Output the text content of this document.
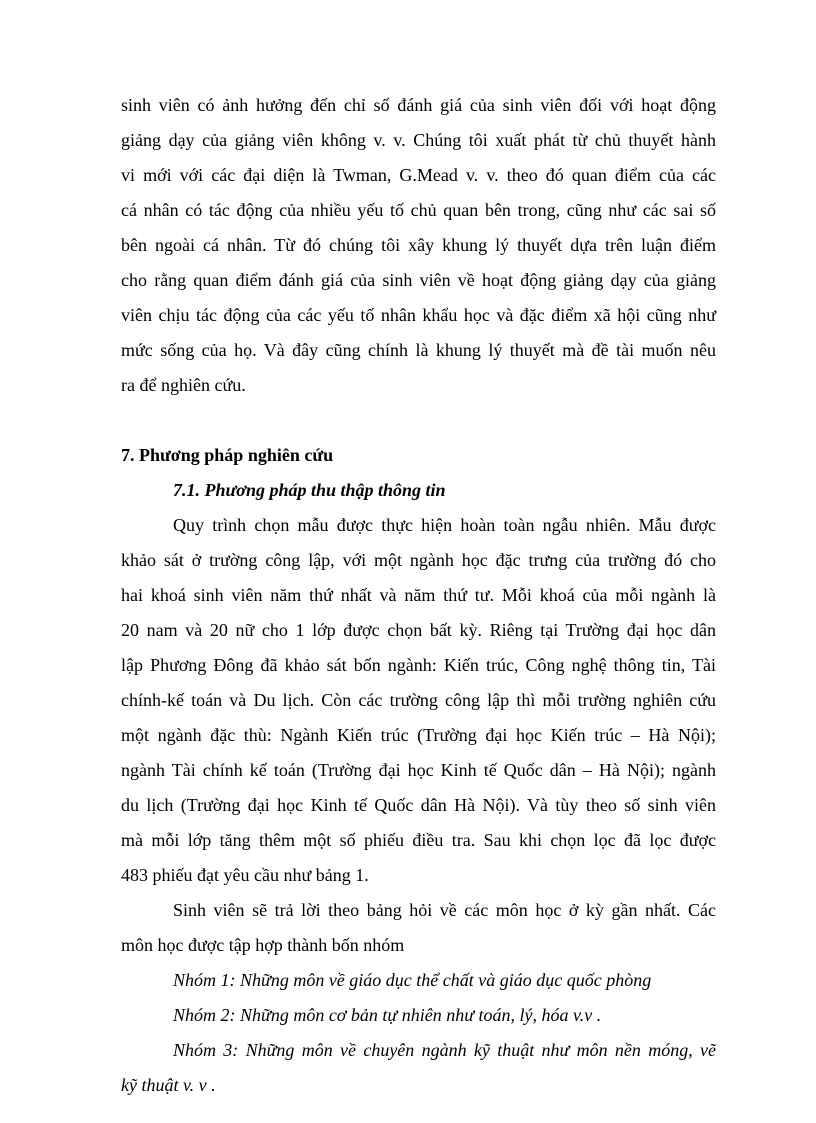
sinh viên có ảnh hưởng đến chỉ số đánh giá của sinh viên đối với hoạt động
giảng dạy của giảng viên không v. v. Chúng tôi xuất phát từ chủ thuyết hành
vi mới với các đại diện là Twman, G.Mead v. v. theo đó quan điểm của các
cá nhân có tác động của nhiều yếu tố chủ quan bên trong, cũng như các sai số
bên ngoài cá nhân. Từ đó chúng tôi xây khung lý thuyết dựa trên luận điểm
cho rằng quan điểm đánh giá của sinh viên về hoạt động giảng dạy của giảng
viên chịu tác động của các yếu tố nhân khẩu học và đặc điểm xã hội cũng như
mức sống của họ. Và đây cũng chính là khung lý thuyết mà đề tài muốn nêu
ra để nghiên cứu.
7. Phương pháp nghiên cứu
7.1. Phương pháp thu thập thông tin
Quy trình chọn mẫu được thực hiện hoàn toàn ngẫu nhiên. Mẫu được
khảo sát ở trường công lập, với một ngành học đặc trưng của trường đó cho
hai khoá sinh viên năm thứ nhất và năm thứ tư. Mỗi khoá của mỗi ngành là
20 nam và 20 nữ cho 1 lớp được chọn bất kỳ. Riêng tại Trường đại học dân
lập Phương Đông đã khảo sát bốn ngành: Kiến trúc, Công nghệ thông tin, Tài
chính-kế toán và Du lịch. Còn các trường công lập thì mỗi trường nghiên cứu
một ngành đặc thù: Ngành Kiến trúc (Trường đại học Kiến trúc – Hà Nội);
ngành Tài chính kế toán (Trường đại học Kinh tế Quốc dân – Hà Nội); ngành
du lịch (Trường đại học Kinh tế Quốc dân Hà Nội). Và tùy theo số sinh viên
mà mỗi lớp tăng thêm một số phiếu điều tra. Sau khi chọn lọc đã lọc được
483 phiếu đạt yêu cầu như bảng 1.
Sinh viên sẽ trả lời theo bảng hỏi về các môn học ở kỳ gần nhất. Các
môn học được tập hợp thành bốn nhóm
Nhóm 1: Những môn về giáo dục thể chất và giáo dục quốc phòng
Nhóm 2: Những môn cơ bản tự nhiên như toán, lý, hóa v.v .
Nhóm 3: Những môn về chuyên ngành kỹ thuật như môn nền móng, vẽ
kỹ thuật v. v .
